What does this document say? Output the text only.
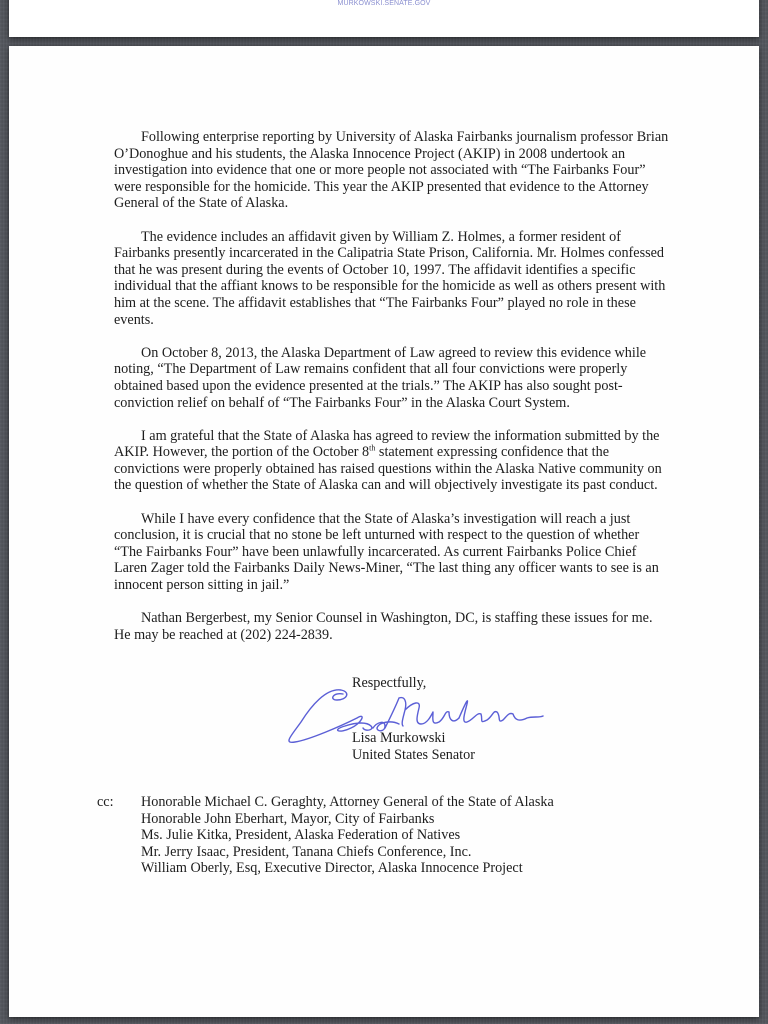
MURKOWSKI.SENATE.GOV

Following enterprise reporting by University of Alaska Fairbanks journalism professor Brian O’Donoghue and his students, the Alaska Innocence Project (AKIP) in 2008 undertook an investigation into evidence that one or more people not associated with “The Fairbanks Four” were responsible for the homicide. This year the AKIP presented that evidence to the Attorney General of the State of Alaska.

The evidence includes an affidavit given by William Z. Holmes, a former resident of Fairbanks presently incarcerated in the Calipatria State Prison, California. Mr. Holmes confessed that he was present during the events of October 10, 1997. The affidavit identifies a specific individual that the affiant knows to be responsible for the homicide as well as others present with him at the scene. The affidavit establishes that “The Fairbanks Four” played no role in these events.

On October 8, 2013, the Alaska Department of Law agreed to review this evidence while noting, “The Department of Law remains confident that all four convictions were properly obtained based upon the evidence presented at the trials.” The AKIP has also sought post-conviction relief on behalf of “The Fairbanks Four” in the Alaska Court System.

I am grateful that the State of Alaska has agreed to review the information submitted by the AKIP. However, the portion of the October 8th statement expressing confidence that the convictions were properly obtained has raised questions within the Alaska Native community on the question of whether the State of Alaska can and will objectively investigate its past conduct.

While I have every confidence that the State of Alaska’s investigation will reach a just conclusion, it is crucial that no stone be left unturned with respect to the question of whether “The Fairbanks Four” have been unlawfully incarcerated. As current Fairbanks Police Chief Laren Zager told the Fairbanks Daily News-Miner, “The last thing any officer wants to see is an innocent person sitting in jail.”

Nathan Bergerbest, my Senior Counsel in Washington, DC, is staffing these issues for me. He may be reached at (202) 224-2839.

Respectfully,
Lisa Murkowski
United States Senator
cc:	Honorable Michael C. Geraghty, Attorney General of the State of Alaska
Honorable John Eberhart, Mayor, City of Fairbanks
Ms. Julie Kitka, President, Alaska Federation of Natives
Mr. Jerry Isaac, President, Tanana Chiefs Conference, Inc.
William Oberly, Esq, Executive Director, Alaska Innocence Project
